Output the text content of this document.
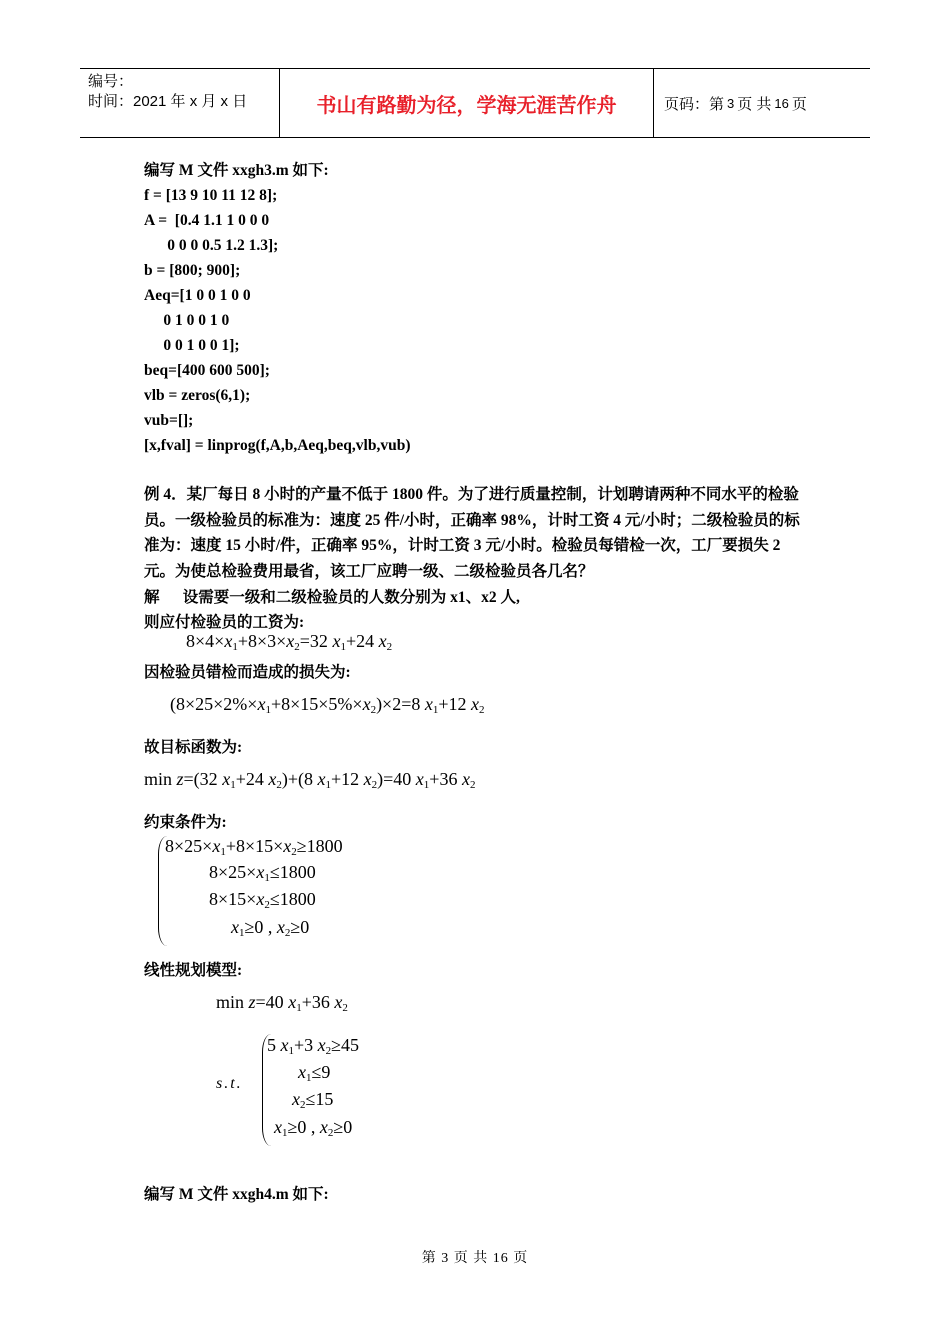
编号：
时间：2021 年 x 月 x 日	书山有路勤为径，学海无涯苦作舟	页码：第 3 页 共 16 页
编写 M 文件 xxgh3.m 如下:
f = [13 9 10 11 12 8];
A =  [0.4 1.1 1 0 0 0
0 0 0 0.5 1.2 1.3];
b = [800; 900];
Aeq=[1 0 0 1 0 0
0 1 0 0 1 0
0 0 1 0 0 1];
beq=[400 600 500];
vlb = zeros(6,1);
vub=[];
[x,fval] = linprog(f,A,b,Aeq,beq,vlb,vub)
例 4．某厂每日 8 小时的产量不低于 1800 件。为了进行质量控制，计划聘请两种不同水平的检验员。一级检验员的标准为：速度 25 件/小时，正确率 98%，计时工资 4 元/小时；二级检验员的标准为：速度 15 小时/件，正确率 95%，计时工资 3 元/小时。检验员每错检一次，工厂要损失 2 元。为使总检验费用最省，该工厂应聘一级、二级检验员各几名？
解      设需要一级和二级检验员的人数分别为 x1、x2 人,
则应付检验员的工资为:
$8\times 4\times x_1+8\times 3\times x_2=32$ $x_1+24$ $x_2$
因检验员错检而造成的损失为:
$(8\times 25\times 2\%\times x_1+8\times 15\times 5\%\times x_2)\times 2=8$ $x_1+12$ $x_2$
故目标函数为:
min z=(32 $x_1+24$ $x_2)+(8$ $x_1+12$ $x_2)=40$ $x_1+36$ $x_2$
约束条件为:
$8\times 25\times x_1+8\times 15\times x_2\ge 1800$
$8\times 25\times x_1\le 1800$
$8\times 15\times x_2\le 1800$
$x_1\ge 0$ , $x_2\ge 0$
线性规划模型:
min z=40 $x_1+36$ $x_2$
s.t.
5 $x_1+3$ $x_2\ge 45$
$x_1\le 9$
$x_2\le 15$
$x_1\ge 0$ , $x_2\ge 0$
编写 M 文件 xxgh4.m 如下:
第 3 页 共 16 页
